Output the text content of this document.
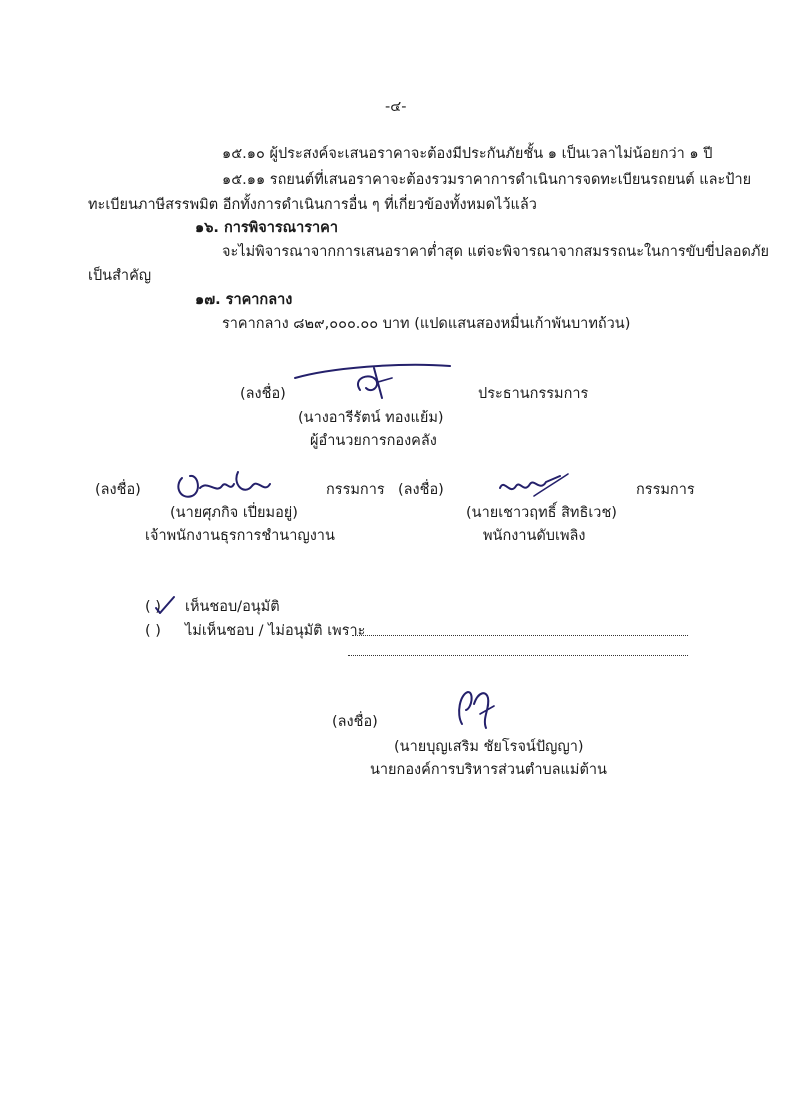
-๔-
๑๕.๑๐ ผู้ประสงค์จะเสนอราคาจะต้องมีประกันภัยชั้น ๑ เป็นเวลาไม่น้อยกว่า ๑ ปี
๑๕.๑๑ รถยนต์ที่เสนอราคาจะต้องรวมราคาการดำเนินการจดทะเบียนรถยนต์ และป้าย
ทะเบียนภาษีสรรพมิต อีกทั้งการดำเนินการอื่น ๆ ที่เกี่ยวข้องทั้งหมดไว้แล้ว
๑๖. การพิจารณาราคา
จะไม่พิจารณาจากการเสนอราคาต่ำสุด แต่จะพิจารณาจากสมรรถนะในการขับขี่ปลอดภัย
เป็นสำคัญ
๑๗. ราคากลาง
ราคากลาง ๘๒๙,๐๐๐.๐๐ บาท (แปดแสนสองหมื่นเก้าพันบาทถ้วน)
(ลงชื่อ)	ประธานกรรมการ
(นางอารีรัตน์ ทองแย้ม)
ผู้อำนวยการกองคลัง
(ลงชื่อ)	กรรมการ
(นายศุภกิจ เปี่ยมอยู่)
เจ้าพนักงานธุรการชำนาญงาน
(ลงชื่อ)	กรรมการ
(นายเชาวฤทธิ์ สิทธิเวช)
พนักงานดับเพลิง
( ) เห็นชอบ/อนุมัติ
( ) ไม่เห็นชอบ / ไม่อนุมัติ เพราะ
(ลงชื่อ)
(นายบุญเสริม ชัยโรจน์ปัญญา)
นายกองค์การบริหารส่วนตำบลแม่ต้าน
